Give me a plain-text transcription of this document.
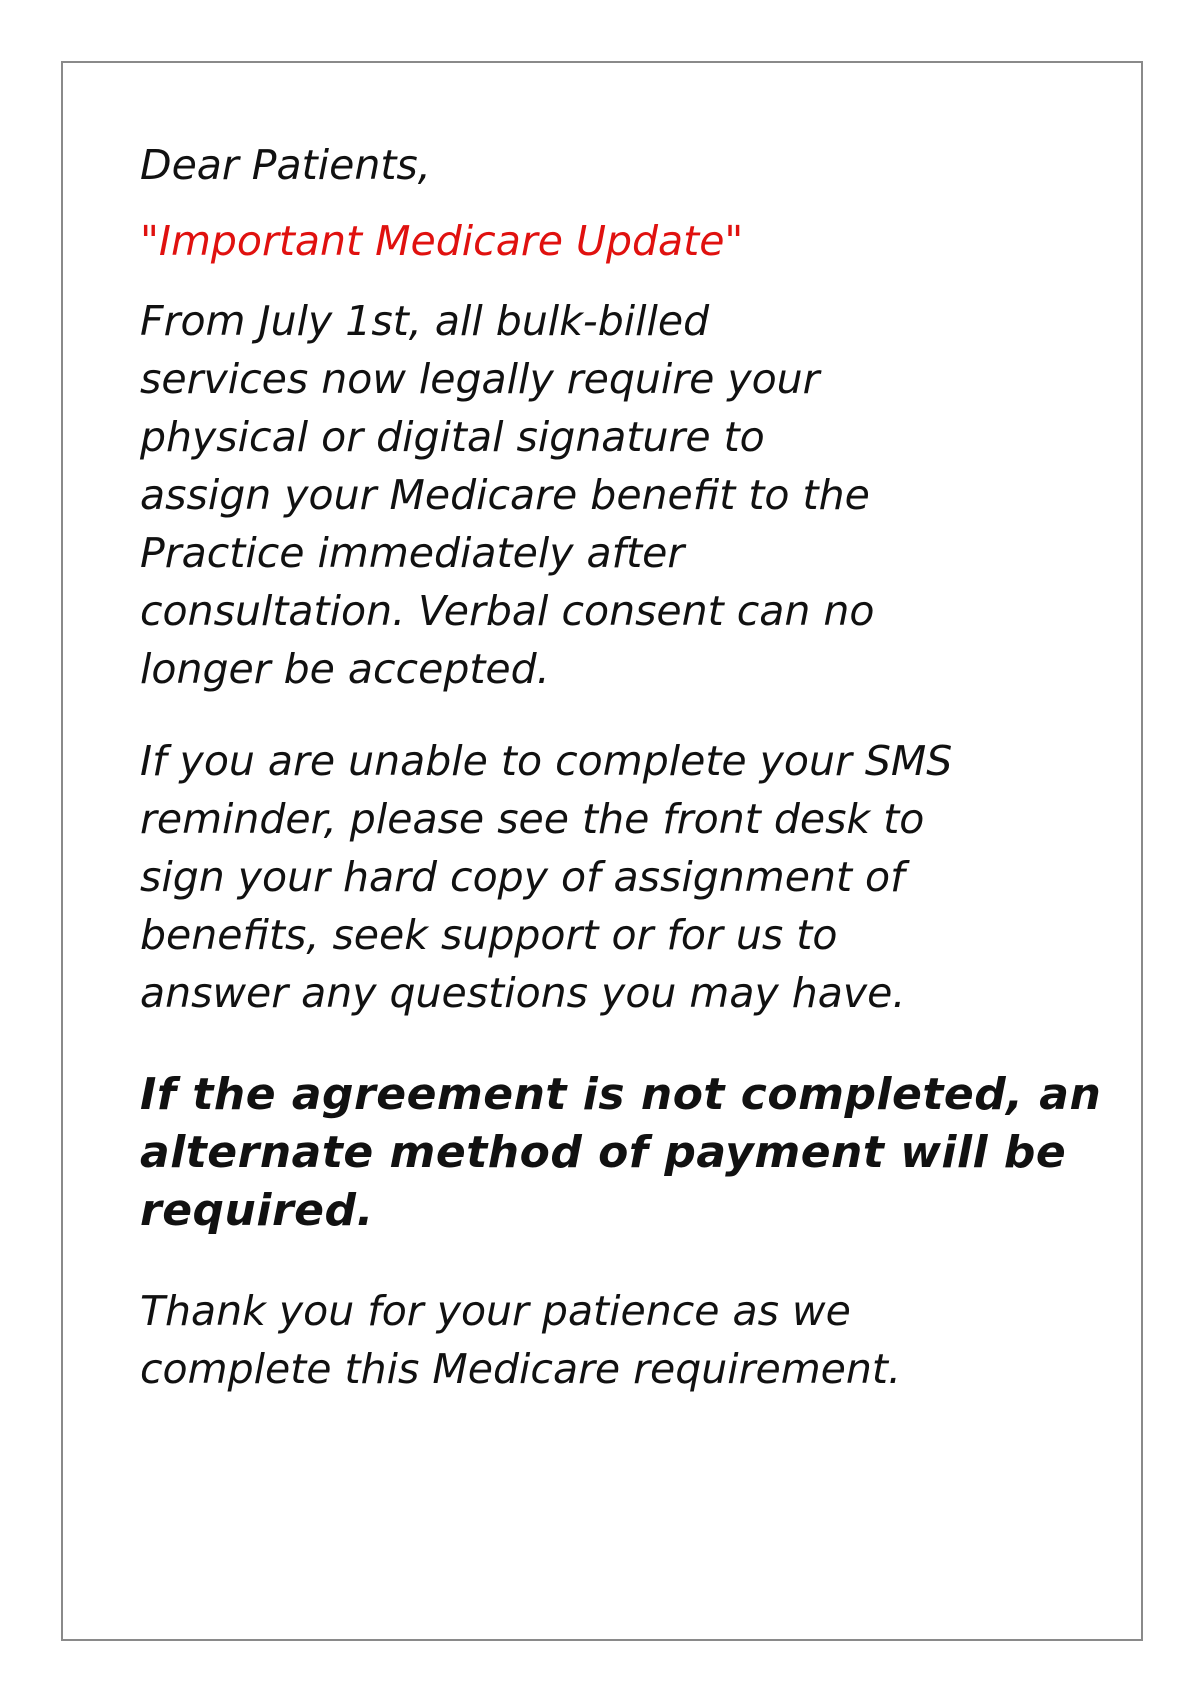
Dear Patients,

"Important Medicare Update"

From July 1st, all bulk-billed
services now legally require your
physical or digital signature to
assign your Medicare benefit to the
Practice immediately after
consultation. Verbal consent can no
longer be accepted.

If you are unable to complete your SMS
reminder, please see the front desk to
sign your hard copy of assignment of
benefits, seek support or for us to
answer any questions you may have.

If the agreement is not completed, an
alternate method of payment will be
required.

Thank you for your patience as we
complete this Medicare requirement.
